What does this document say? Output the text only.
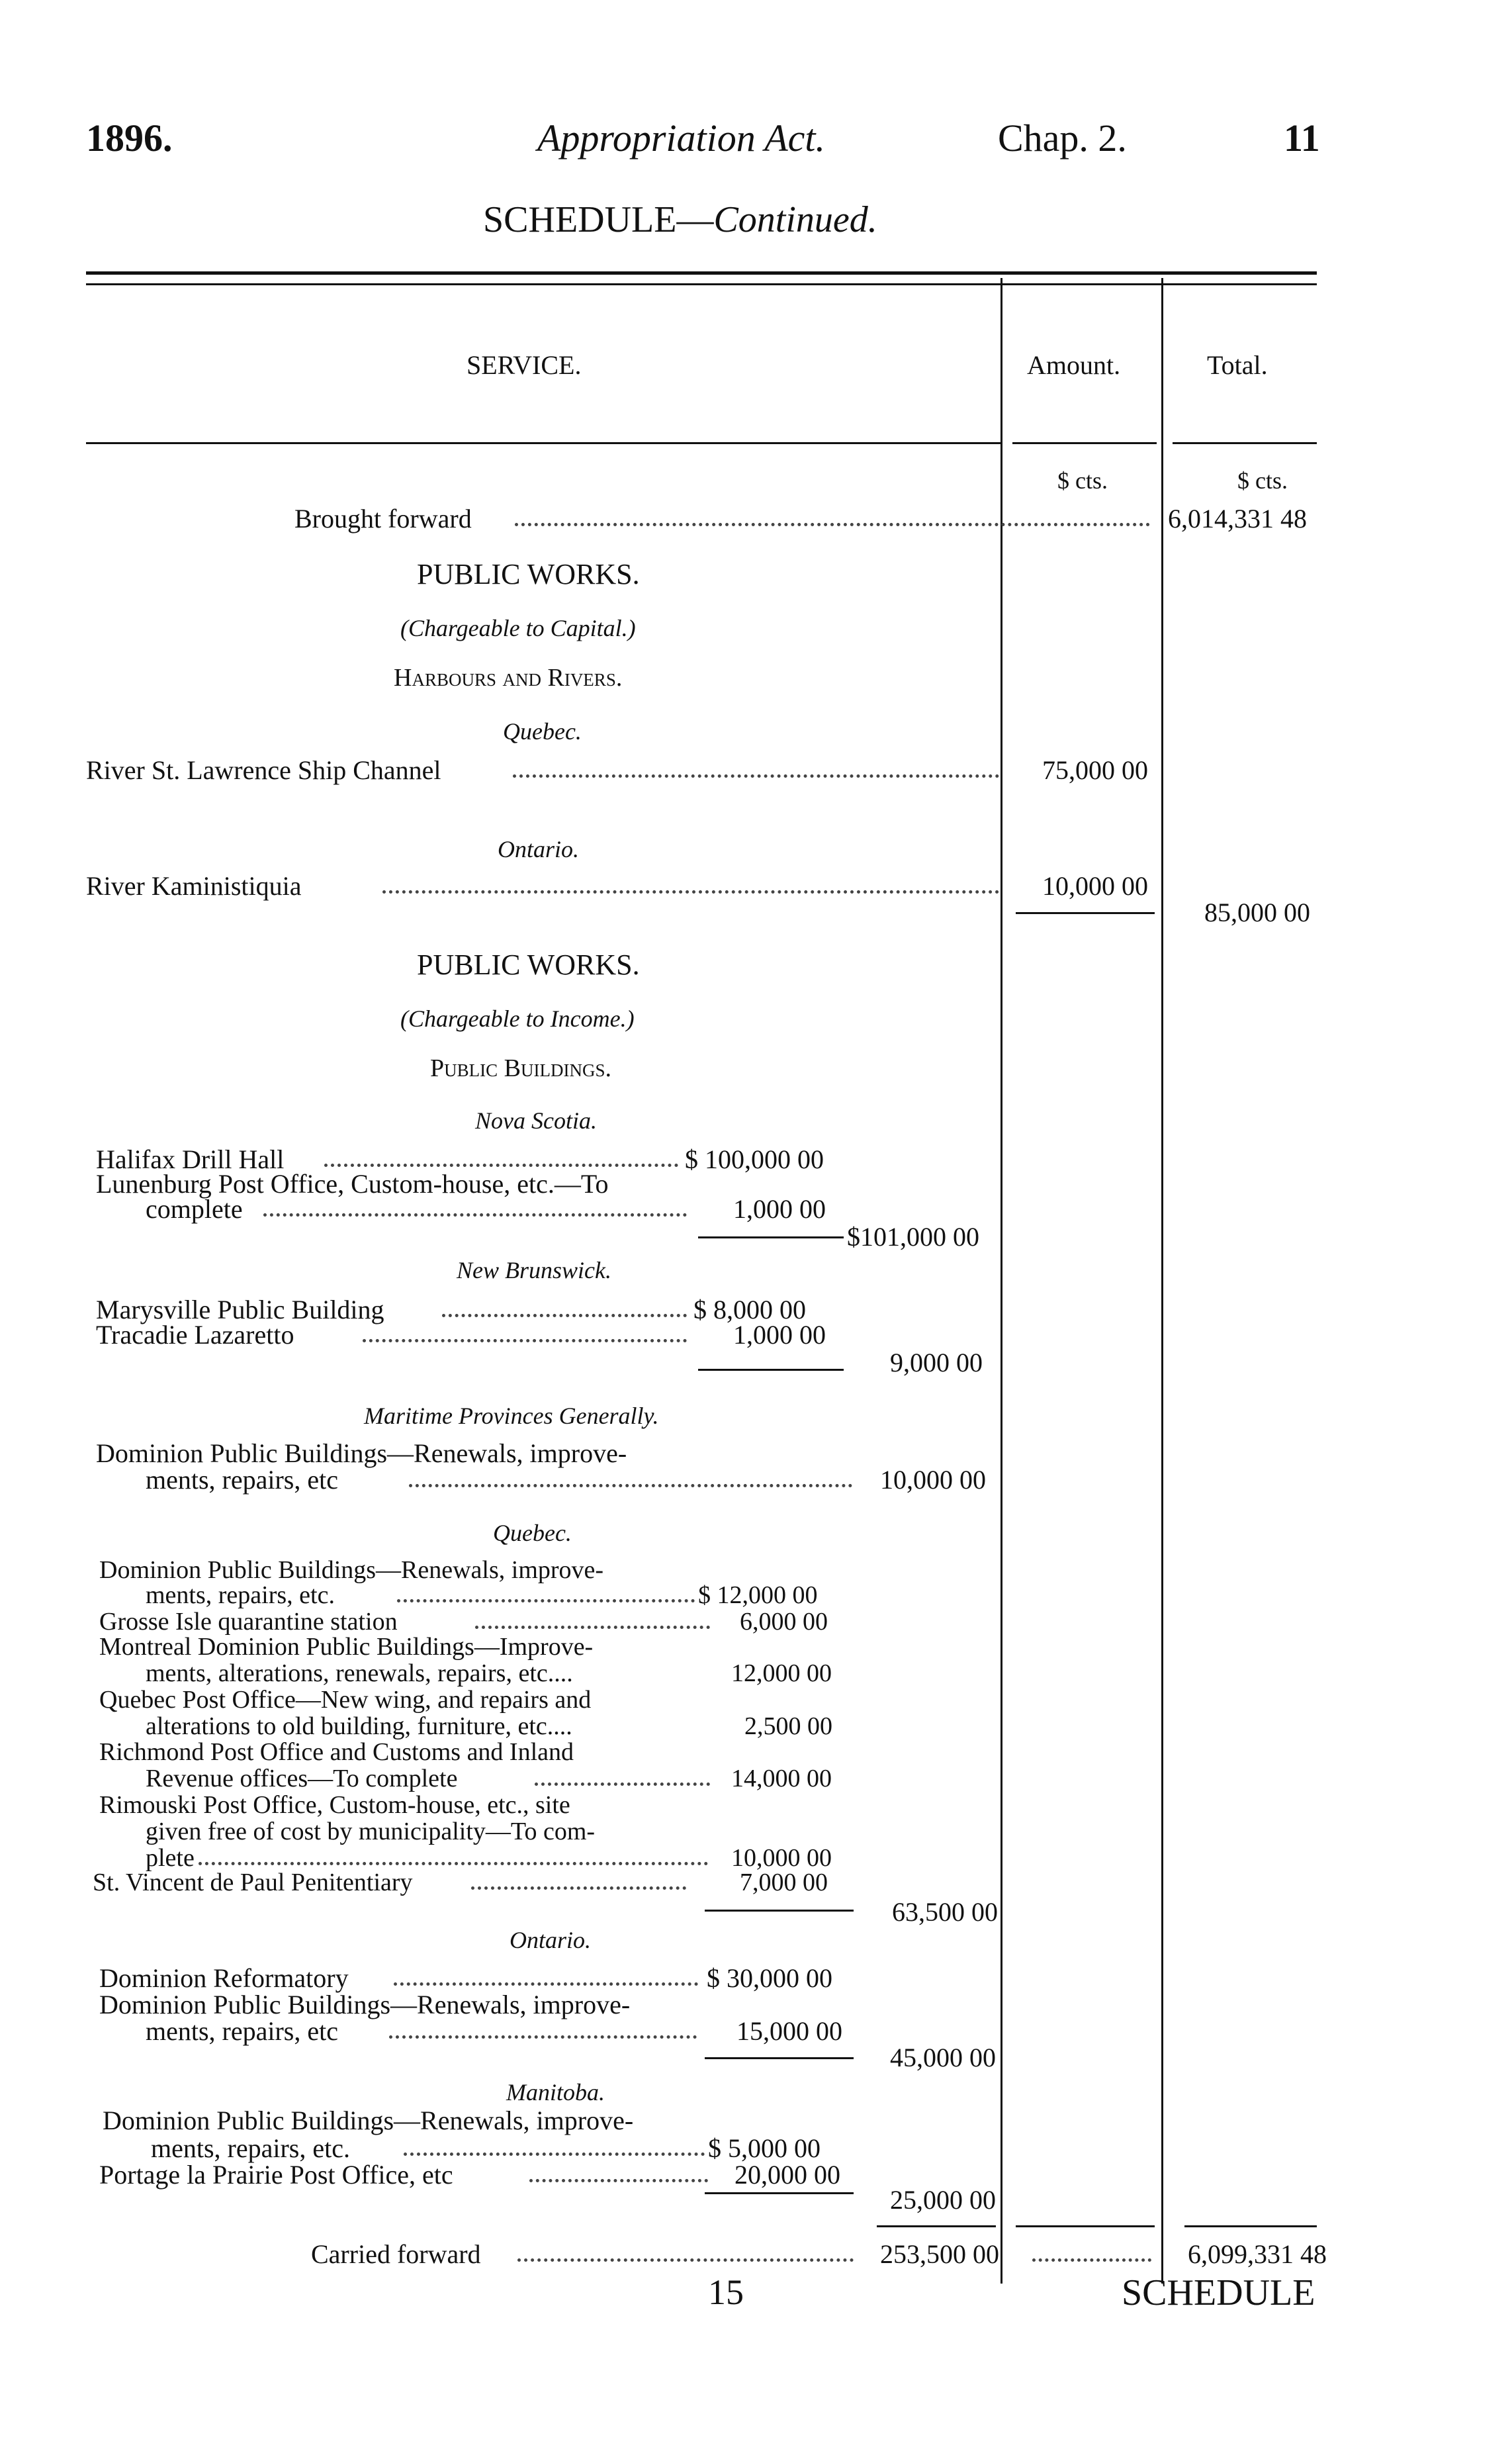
1896.	Appropriation Act.	Chap. 2.	11
SCHEDULE—Continued.
SERVICE.	Amount.	Total.
$ cts.	$ cts.
Brought forward	6,014,331 48
PUBLIC WORKS.
(Chargeable to Capital.)
Harbours and Rivers.
Quebec.
River St. Lawrence Ship Channel	75,000 00
Ontario.
River Kaministiquia	10,000 00
85,000 00
PUBLIC WORKS.
(Chargeable to Income.)
Public Buildings.
Nova Scotia.
Halifax Drill Hall	$ 100,000 00
Lunenburg Post Office, Custom-house, etc.—To
complete	1,000 00
$101,000 00
New Brunswick.
Marysville Public Building	$ 8,000 00
Tracadie Lazaretto	1,000 00
9,000 00
Maritime Provinces Generally.
Dominion Public Buildings—Renewals, improve-
ments, repairs, etc	10,000 00
Quebec.
Dominion Public Buildings—Renewals, improve-
ments, repairs, etc.	$ 12,000 00
Grosse Isle quarantine station	6,000 00
Montreal Dominion Public Buildings—Improve-
ments, alterations, renewals, repairs, etc....	12,000 00
Quebec Post Office—New wing, and repairs and
alterations to old building, furniture, etc....	2,500 00
Richmond Post Office and Customs and Inland
Revenue offices—To complete	14,000 00
Rimouski Post Office, Custom-house, etc., site
given free of cost by municipality—To com-
plete	10,000 00
St. Vincent de Paul Penitentiary	7,000 00
63,500 00
Ontario.
Dominion Reformatory	$ 30,000 00
Dominion Public Buildings—Renewals, improve-
ments, repairs, etc	15,000 00
45,000 00
Manitoba.
Dominion Public Buildings—Renewals, improve-
ments, repairs, etc.	$ 5,000 00
Portage la Prairie Post Office, etc	20,000 00
25,000 00
Carried forward	253,500 00	6,099,331 48
15	SCHEDULE
